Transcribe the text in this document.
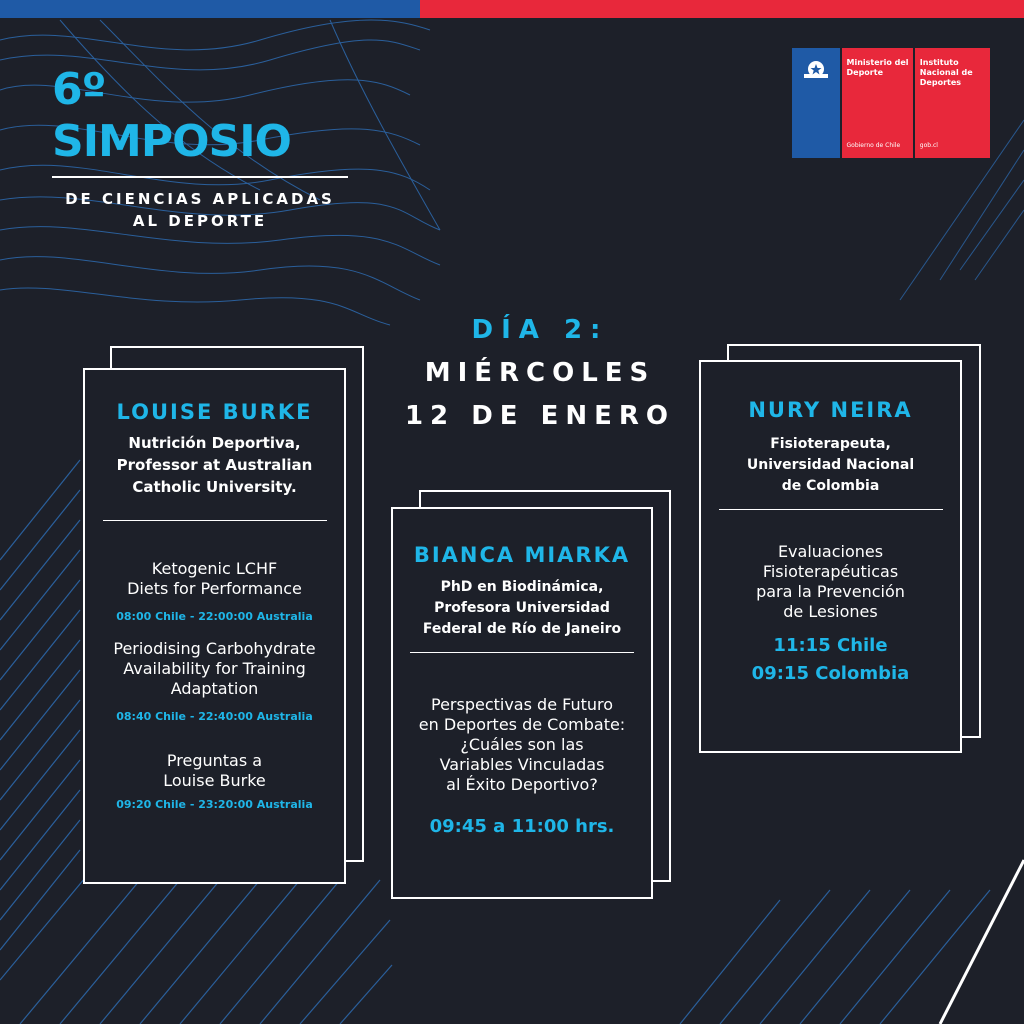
6º SIMPOSIO
DE CIENCIAS APLICADAS
AL DEPORTE
Ministerio del
Deporte
Gobierno de Chile
Instituto
Nacional de
Deportes
gob.cl
DÍA 2:
MIÉRCOLES
12 DE ENERO
LOUISE BURKE
Nutrición Deportiva,
Professor at Australian
Catholic University.
Ketogenic LCHF
Diets for Performance
08:00 Chile - 22:00:00 Australia
Periodising Carbohydrate
Availability for Training
Adaptation
08:40 Chile - 22:40:00 Australia
Preguntas a
Louise Burke
09:20 Chile - 23:20:00 Australia
BIANCA MIARKA
PhD en Biodinámica,
Profesora Universidad
Federal de Río de Janeiro
Perspectivas de Futuro
en Deportes de Combate:
¿Cuáles son las
Variables Vinculadas
al Éxito Deportivo?
09:45 a 11:00 hrs.
NURY NEIRA
Fisioterapeuta,
Universidad Nacional
de Colombia
Evaluaciones
Fisioterapéuticas
para la Prevención
de Lesiones
11:15 Chile
09:15 Colombia
